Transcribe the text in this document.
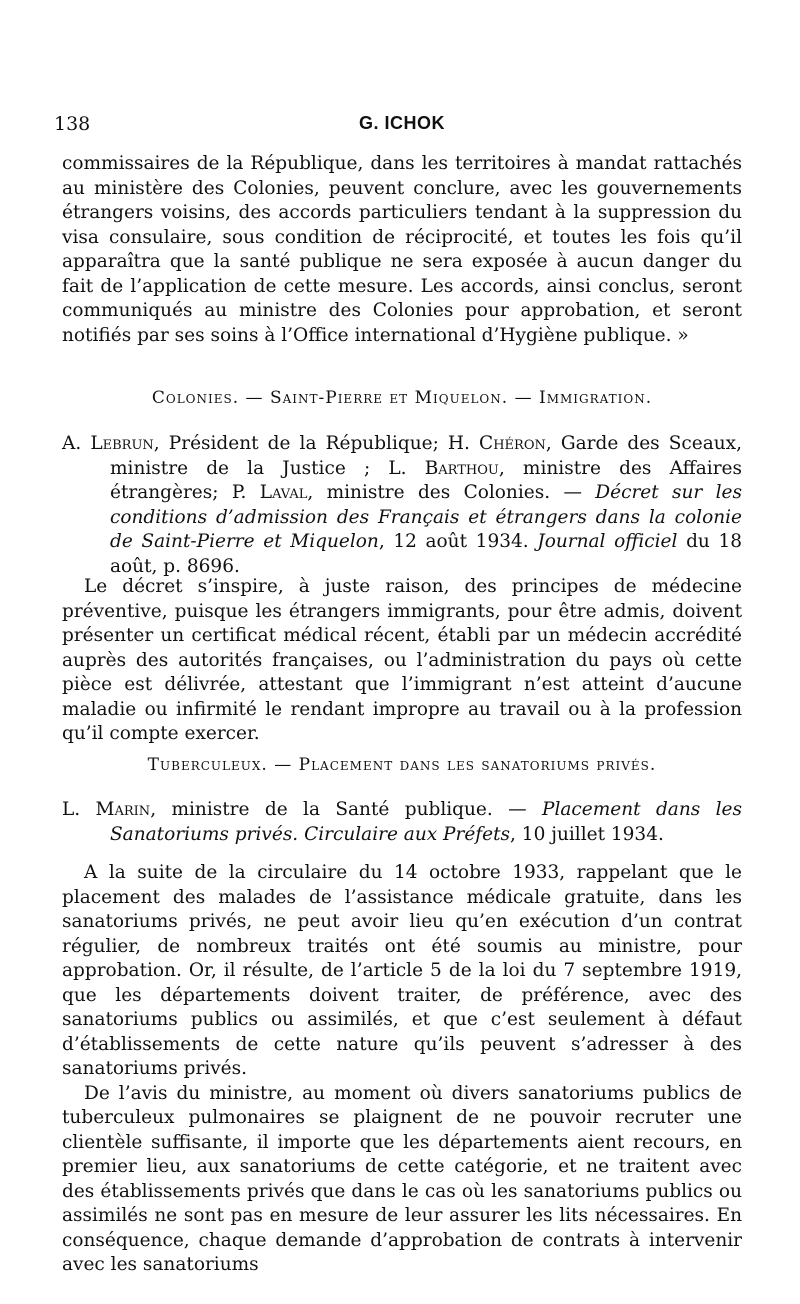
138	G. ICHOK

commissaires de la République, dans les territoires à mandat rattachés au ministère des Colonies, peuvent conclure, avec les gouvernements étrangers voisins, des accords particuliers tendant à la suppression du visa consulaire, sous condition de réciprocité, et toutes les fois qu’il apparaîtra que la santé publique ne sera exposée à aucun danger du fait de l’application de cette mesure. Les accords, ainsi conclus, seront communiqués au ministre des Colonies pour approbation, et seront notifiés par ses soins à l’Office international d’Hygiène publique. »

Colonies. — Saint-Pierre et Miquelon. — Immigration.
A. Lebrun, Président de la République; H. Chéron, Garde des Sceaux, ministre de la Justice ; L. Barthou, ministre des Affaires étrangères; P. Laval, ministre des Colonies. — Décret sur les conditions d’admission des Français et étrangers dans la colonie de Saint-Pierre et Miquelon, 12 août 1934. Journal officiel du 18 août, p. 8696.

Le décret s’inspire, à juste raison, des principes de médecine préventive, puisque les étrangers immigrants, pour être admis, doivent présenter un certificat médical récent, établi par un médecin accrédité auprès des autorités françaises, ou l’administration du pays où cette pièce est délivrée, attestant que l’immigrant n’est atteint d’aucune maladie ou infirmité le rendant impropre au travail ou à la profession qu’il compte exercer.

Tuberculeux. — Placement dans les sanatoriums privés.
L. Marin, ministre de la Santé publique. — Placement dans les Sanatoriums privés. Circulaire aux Préfets, 10 juillet 1934.

A la suite de la circulaire du 14 octobre 1933, rappelant que le placement des malades de l’assistance médicale gratuite, dans les sanatoriums privés, ne peut avoir lieu qu’en exécution d’un contrat régulier, de nombreux traités ont été soumis au ministre, pour approbation. Or, il résulte, de l’article 5 de la loi du 7 septembre 1919, que les départements doivent traiter, de préférence, avec des sanatoriums publics ou assimilés, et que c’est seulement à défaut d’établissements de cette nature qu’ils peuvent s’adresser à des sanatoriums privés.

De l’avis du ministre, au moment où divers sanatoriums publics de tuberculeux pulmonaires se plaignent de ne pouvoir recruter une clientèle suffisante, il importe que les départements aient recours, en premier lieu, aux sanatoriums de cette catégorie, et ne traitent avec des établissements privés que dans le cas où les sanatoriums publics ou assimilés ne sont pas en mesure de leur assurer les lits nécessaires. En conséquence, chaque demande d’approbation de contrats à intervenir avec les sanatoriums
